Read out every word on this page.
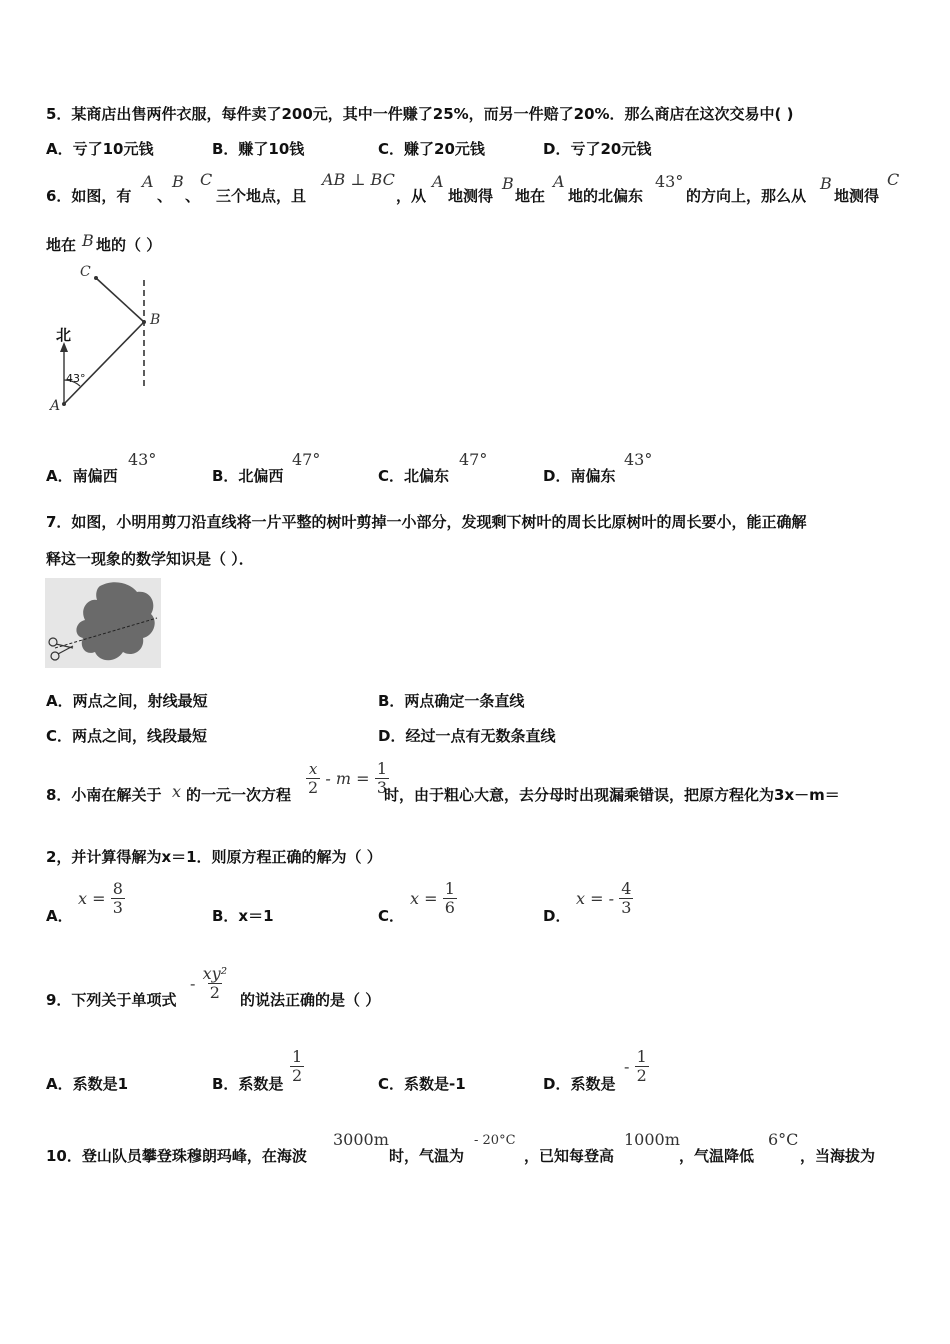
5．某商店出售两件衣服，每件卖了200元，其中一件赚了25%，而另一件赔了20%．那么商店在这次交易中( )
A．亏了10元钱	B．赚了10钱	C．赚了20元钱	D．亏了20元钱
6．如图，有
A
、
B
、
C
三个地点，且
AB ⊥ BC
，从
A
地测得
B
地在
A
地的北偏东
43°
的方向上，那么从
B
地测得
C
地在 B 地的（ ）
北
43°
A
B
C
A．南偏西
43°
B．北偏西
47°
C．北偏东
47°
D．南偏东
43°
7．如图，小明用剪刀沿直线将一片平整的树叶剪掉一小部分，发现剩下树叶的周长比原树叶的周长要小，能正确解
释这一现象的数学知识是（ ）．
A．两点之间，射线最短	B．两点确定一条直线
C．两点之间，线段最短	D．经过一点有无数条直线
8．小南在解关于 x 的一元一次方程 $\frac{x}{2} - m = \frac{1}{3}$
时，由于粗心大意，去分母时出现漏乘错误，把原方程化为3x－m＝
2，并计算得解为x＝1．则原方程正确的解为（ ）
A．
$x = \frac{8}{3}$	B．x＝1	C．
$x = \frac{1}{6}$	D．
x = - $\frac{4}{3}$
9．下列关于单项式
- $\frac{\text{xy²}}{2}$ 的说法正确的是（ ）
A．系数是1	B．系数是 $\frac{1}{2}$	C．系数是-1	D．系数是
- $\frac{1}{2}$
10．登山队员攀登珠穆朗玛峰，在海波
3000m
时，气温为
- 20°C
，已知每登高
1000m
，气温降低
6°C
，当海拔为
